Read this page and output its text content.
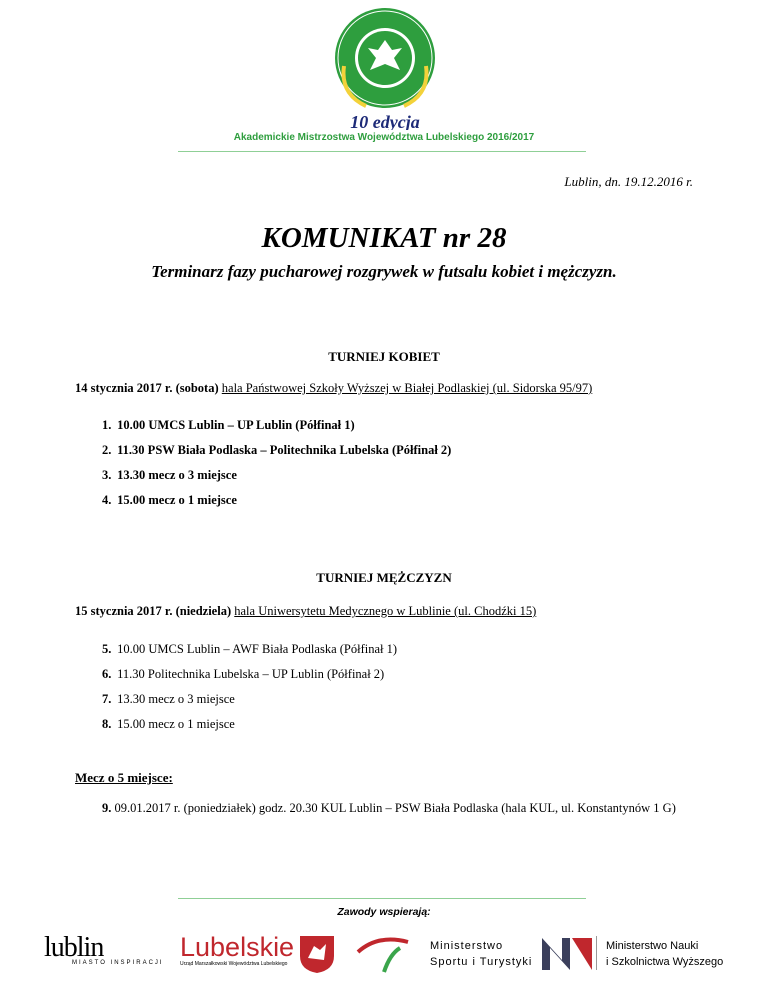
10 edycja
Akademickie Mistrzostwa Województwa Lubelskiego 2016/2017
Lublin, dn. 19.12.2016 r.
KOMUNIKAT nr 28
Terminarz fazy pucharowej rozgrywek w futsalu kobiet i mężczyzn.
TURNIEJ KOBIET
14 stycznia 2017 r. (sobota) hala Państwowej Szkoły Wyższej w Białej Podlaskiej (ul. Sidorska 95/97)
1. 10.00 UMCS Lublin – UP Lublin (Półfinał 1)
2. 11.30 PSW Biała Podlaska – Politechnika Lubelska (Półfinał 2)
3. 13.30 mecz o 3 miejsce
4. 15.00 mecz o 1 miejsce
TURNIEJ MĘŻCZYZN
15 stycznia 2017 r. (niedziela) hala Uniwersytetu Medycznego w Lublinie (ul. Chodźki 15)
5. 10.00 UMCS Lublin – AWF Biała Podlaska (Półfinał 1)
6. 11.30 Politechnika Lubelska – UP Lublin (Półfinał 2)
7. 13.30 mecz o 3 miejsce
8. 15.00 mecz o 1 miejsce
Mecz o 5 miejsce:
9. 09.01.2017 r. (poniedziałek) godz. 20.30 KUL Lublin – PSW Biała Podlaska (hala KUL, ul. Konstantynów 1 G)
Zawody wspierają:
lublin
MIASTO INSPIRACJI
Lubelskie
Urząd Marszałkowski Województwa Lubelskiego
Ministerstwo
Sportu i Turystyki
Ministerstwo Nauki
i Szkolnictwa Wyższego
